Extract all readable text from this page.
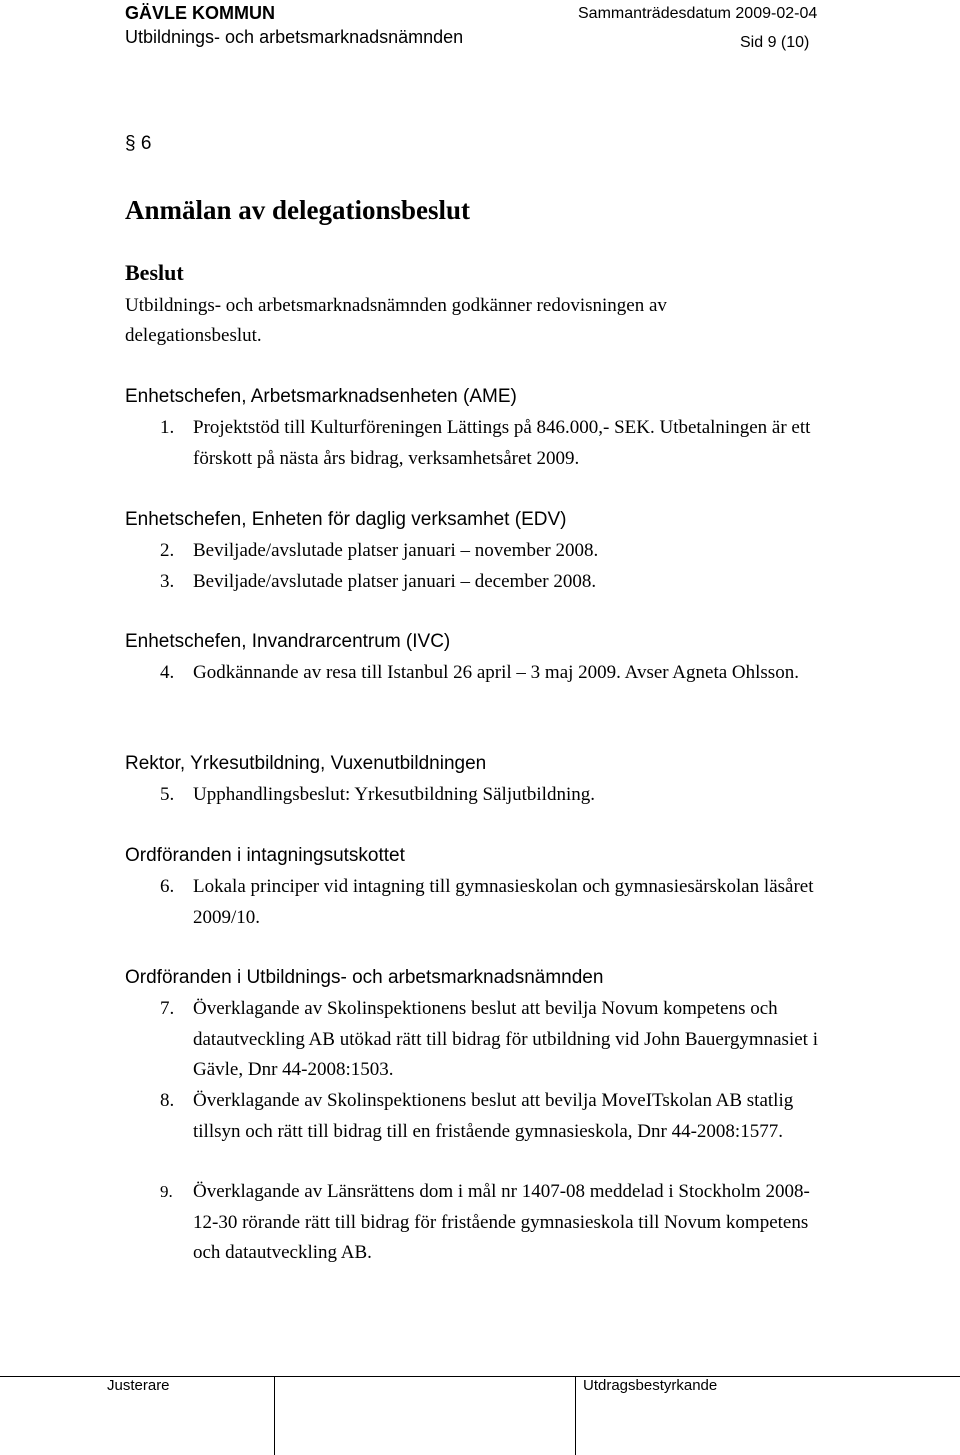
GÄVLE KOMMUN
Utbildnings- och arbetsmarknadsnämnden
Sammanträdesdatum 2009-02-04
Sid 9 (10)
§ 6
Anmälan av delegationsbeslut
Beslut
Utbildnings- och arbetsmarknadsnämnden godkänner redovisningen av
delegationsbeslut.
Enhetschefen, Arbetsmarknadsenheten (AME)
1. Projektstöd till Kulturföreningen Lättings på 846.000,- SEK. Utbetalningen är ett förskott på nästa års bidrag, verksamhetsåret 2009.
Enhetschefen, Enheten för daglig verksamhet (EDV)
2. Beviljade/avslutade platser januari – november 2008.
3. Beviljade/avslutade platser januari – december 2008.
Enhetschefen, Invandrarcentrum (IVC)
4. Godkännande av resa till Istanbul 26 april – 3 maj 2009. Avser Agneta Ohlsson.
Rektor, Yrkesutbildning, Vuxenutbildningen
5. Upphandlingsbeslut: Yrkesutbildning Säljutbildning.
Ordföranden i intagningsutskottet
6. Lokala principer vid intagning till gymnasieskolan och gymnasiesärskolan läsåret 2009/10.
Ordföranden i Utbildnings- och arbetsmarknadsnämnden
7. Överklagande av Skolinspektionens beslut att bevilja Novum kompetens och datautveckling AB utökad rätt till bidrag för utbildning vid John Bauergymnasiet i Gävle, Dnr 44-2008:1503.
8. Överklagande av Skolinspektionens beslut att bevilja MoveITskolan AB statlig tillsyn och rätt till bidrag till en fristående gymnasieskola, Dnr 44-2008:1577.
9. Överklagande av Länsrättens dom i mål nr 1407-08 meddelad i Stockholm 2008-12-30 rörande rätt till bidrag för fristående gymnasieskola till Novum kompetens och datautveckling AB.
Justerare	Utdragsbestyrkande
